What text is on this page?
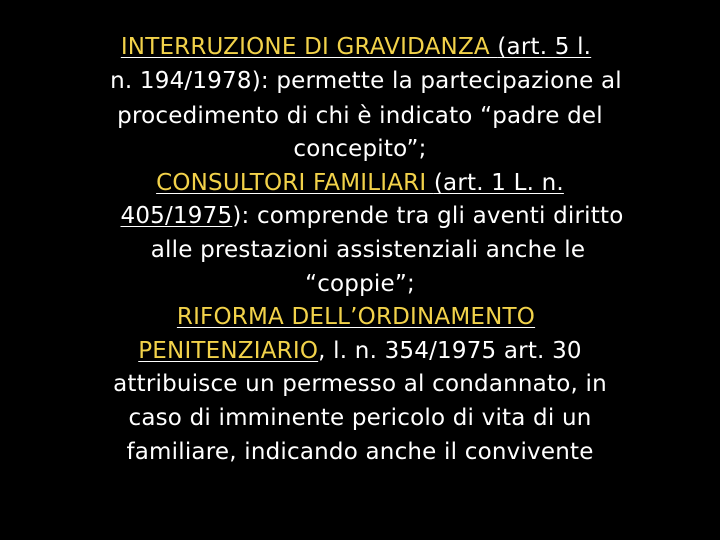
INTERRUZIONE DI GRAVIDANZA (art. 5 l.
n. 194/1978): permette la partecipazione al
procedimento di chi è indicato “padre del
concepito”;
CONSULTORI FAMILIARI (art. 1 L. n.
405/1975): comprende tra gli aventi diritto
alle prestazioni assistenziali anche le
“coppie”;
RIFORMA DELL’ORDINAMENTO
PENITENZIARIO, l. n. 354/1975 art. 30
attribuisce un permesso al condannato, in
caso di imminente pericolo di vita di un
familiare, indicando anche il convivente
